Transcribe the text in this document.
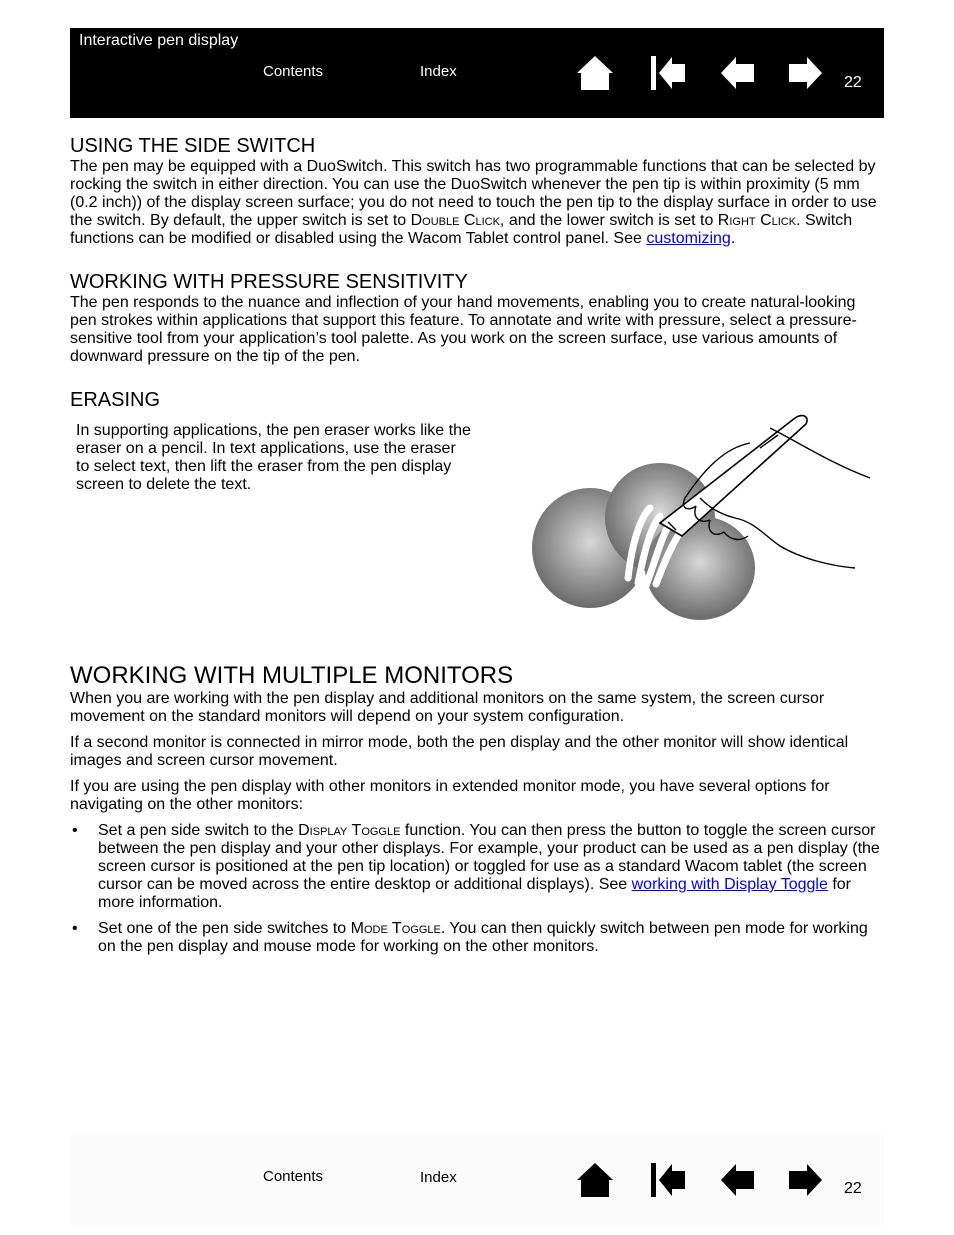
Interactive pen display
Contents	Index
22
USING THE SIDE SWITCH

The pen may be equipped with a DuoSwitch. This switch has two programmable functions that can be selected by rocking the switch in either direction. You can use the DuoSwitch whenever the pen tip is within proximity (5 mm (0.2 inch)) of the display screen surface; you do not need to touch the pen tip to the display surface in order to use the switch. By default, the upper switch is set to Double Click, and the lower switch is set to Right Click. Switch functions can be modified or disabled using the Wacom Tablet control panel. See customizing.

WORKING WITH PRESSURE SENSITIVITY

The pen responds to the nuance and inflection of your hand movements, enabling you to create natural-looking pen strokes within applications that support this feature. To annotate and write with pressure, select a pressure-sensitive tool from your application’s tool palette. As you work on the screen surface, use various amounts of downward pressure on the tip of the pen.

ERASING

In supporting applications, the pen eraser works like the eraser on a pencil. In text applications, use the eraser to select text, then lift the eraser from the pen display screen to delete the text.

WORKING WITH MULTIPLE MONITORS

When you are working with the pen display and additional monitors on the same system, the screen cursor movement on the standard monitors will depend on your system configuration.

If a second monitor is connected in mirror mode, both the pen display and the other monitor will show identical images and screen cursor movement.

If you are using the pen display with other monitors in extended monitor mode, you have several options for navigating on the other monitors:

• Set a pen side switch to the Display Toggle function. You can then press the button to toggle the screen cursor between the pen display and your other displays. For example, your product can be used as a pen display (the screen cursor is positioned at the pen tip location) or toggled for use as a standard Wacom tablet (the screen cursor can be moved across the entire desktop or additional displays). See working with Display Toggle for more information.
• Set one of the pen side switches to Mode Toggle. You can then quickly switch between pen mode for working on the pen display and mouse mode for working on the other monitors.
Contents	Index
22
